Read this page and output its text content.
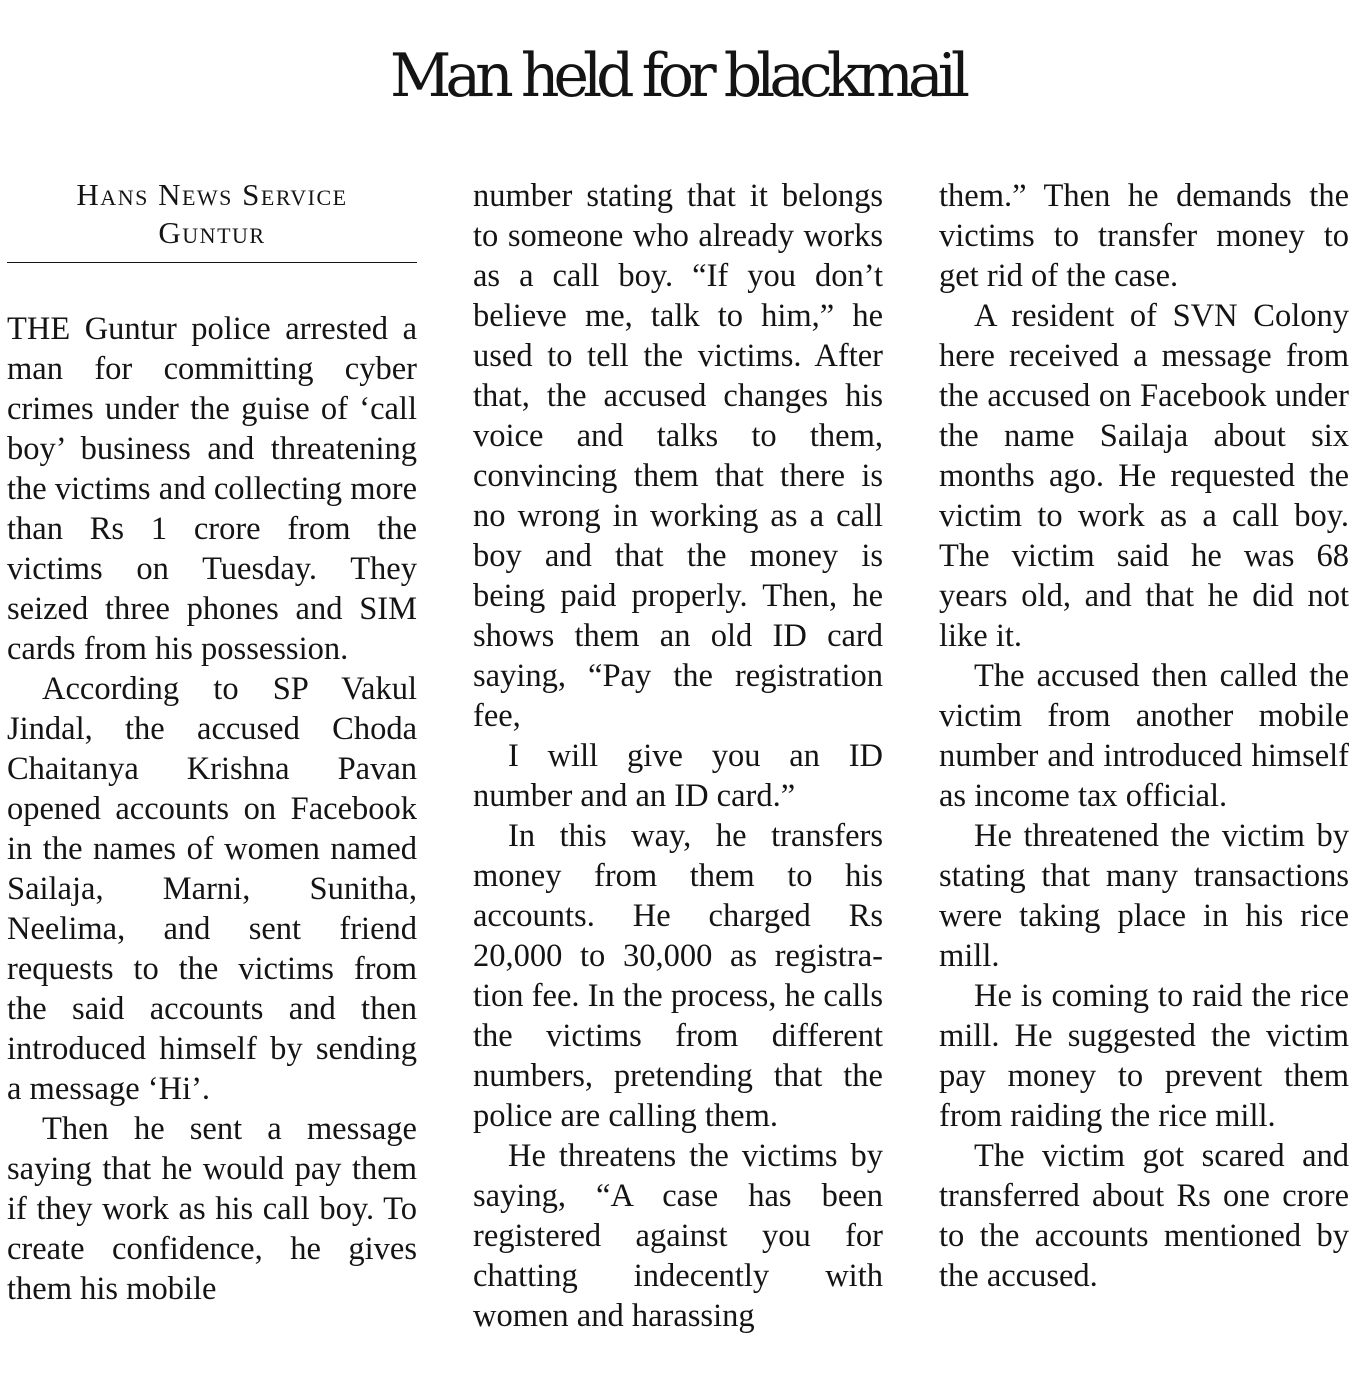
Man held for blackmail
Hans News Service
Guntur

THE Guntur police arrested a man for committing cyber crimes under the guise of ‘call boy’ business and threatening the victims and collecting more than Rs 1 crore from the victims on Tuesday. They seized three phones and SIM cards from his possession.

According to SP Vakul Jindal, the accused Choda Chaitanya Krishna Pavan opened accounts on Facebook in the names of women named Sailaja, Marni, Sunitha, Neelima, and sent friend requests to the victims from the said accounts and then introduced himself by sending a message ‘Hi’.

Then he sent a message saying that he would pay them if they work as his call boy. To create confidence, he gives them his mobile

number stating that it belongs to someone who already works as a call boy. “If you don’t believe me, talk to him,” he used to tell the victims. After that, the accused changes his voice and talks to them, convincing them that there is no wrong in working as a call boy and that the money is being paid properly. Then, he shows them an old ID card saying, “Pay the registration fee,

I will give you an ID number and an ID card.”

In this way, he transfers money from them to his accounts. He charged Rs 20,000 to 30,000 as registration fee. In the process, he calls the victims from different numbers, pretending that the police are calling them.

He threatens the victims by saying, “A case has been registered against you for chatting indecently with women and harassing

them.” Then he demands the victims to transfer money to get rid of the case.

A resident of SVN Colony here received a message from the accused on Facebook under the name Sailaja about six months ago. He requested the victim to work as a call boy. The victim said he was 68 years old, and that he did not like it.

The accused then called the victim from another mobile number and introduced himself as income tax official.

He threatened the victim by stating that many transactions were taking place in his rice mill.

He is coming to raid the rice mill. He suggested the victim pay money to prevent them from raiding the rice mill.

The victim got scared and transferred about Rs one crore to the accounts mentioned by the accused.
